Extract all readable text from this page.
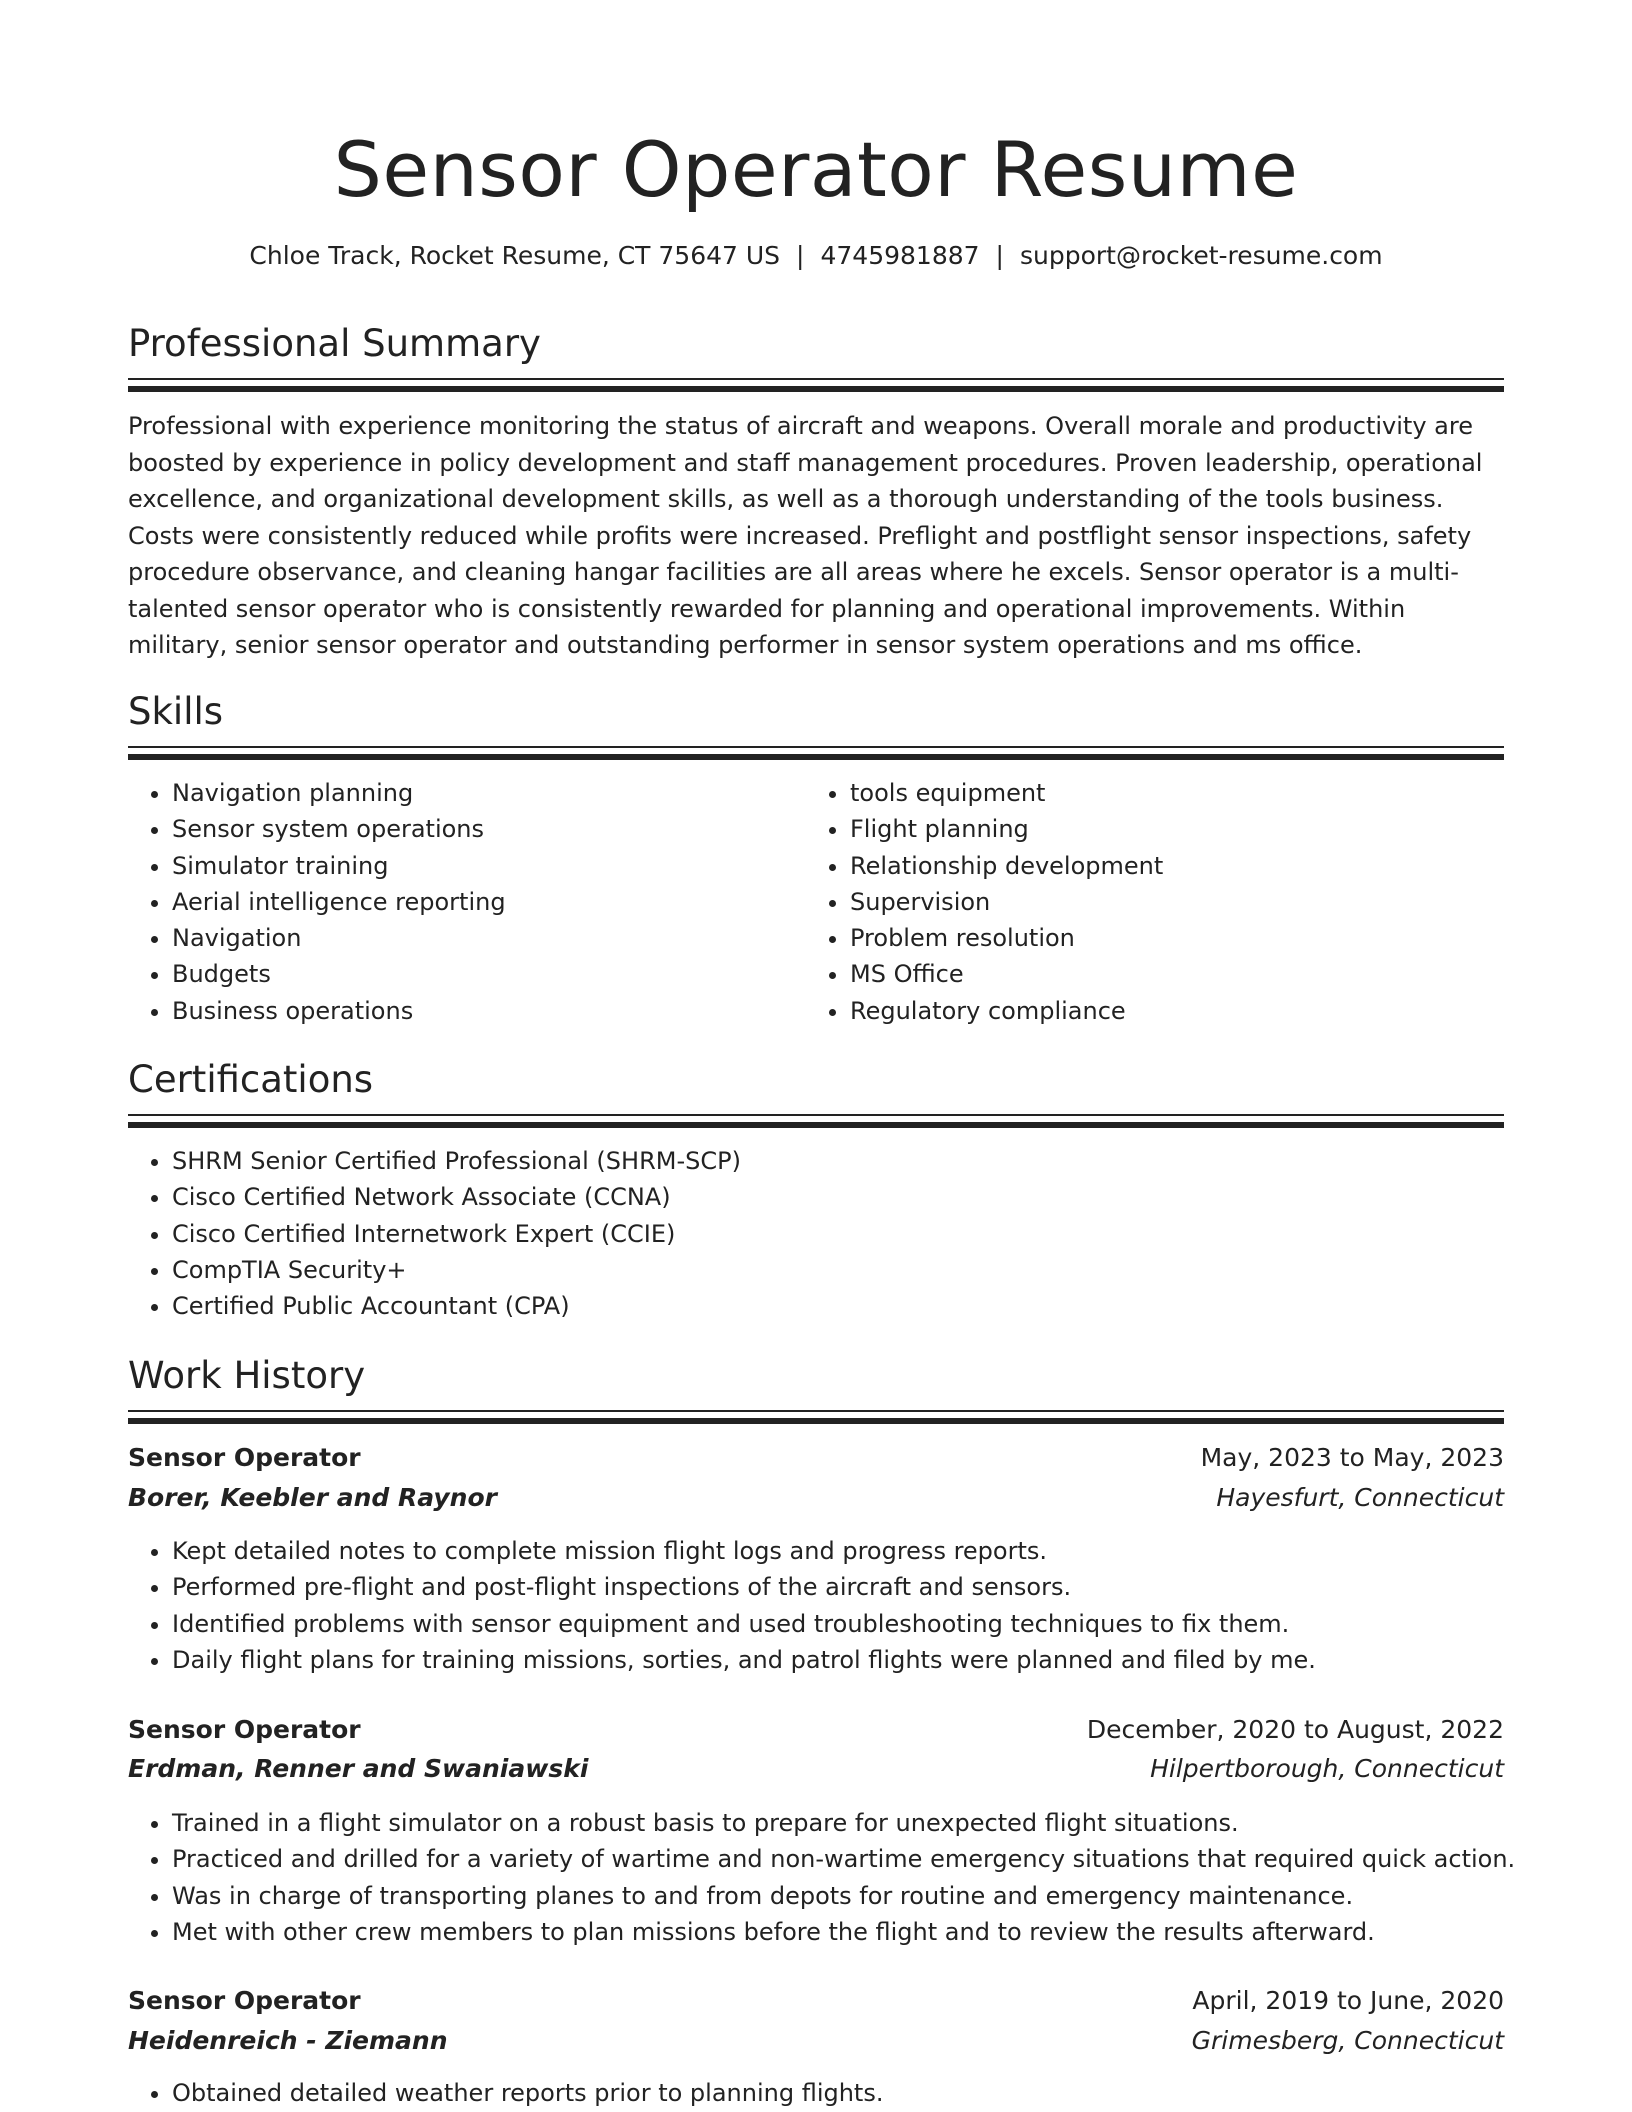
Sensor Operator Resume
Chloe Track, Rocket Resume, CT 75647 US | 4745981887 | support@rocket-resume.com
Professional Summary

Professional with experience monitoring the status of aircraft and weapons. Overall morale and productivity are boosted by experience in policy development and staff management procedures. Proven leadership, operational excellence, and organizational development skills, as well as a thorough understanding of the tools business. Costs were consistently reduced while profits were increased. Preflight and postflight sensor inspections, safety procedure observance, and cleaning hangar facilities are all areas where he excels. Sensor operator is a multi-talented sensor operator who is consistently rewarded for planning and operational improvements. Within military, senior sensor operator and outstanding performer in sensor system operations and ms office.

Skills
• Navigation planning
• Sensor system operations
• Simulator training
• Aerial intelligence reporting
• Navigation
• Budgets
• Business operations
• tools equipment
• Flight planning
• Relationship development
• Supervision
• Problem resolution
• MS Office
• Regulatory compliance
Certifications
• SHRM Senior Certified Professional (SHRM-SCP)
• Cisco Certified Network Associate (CCNA)
• Cisco Certified Internetwork Expert (CCIE)
• CompTIA Security+
• Certified Public Accountant (CPA)
Work History
Sensor Operator	May, 2023 to May, 2023
Borer, Keebler and Raynor	Hayesfurt, Connecticut
• Kept detailed notes to complete mission flight logs and progress reports.
• Performed pre-flight and post-flight inspections of the aircraft and sensors.
• Identified problems with sensor equipment and used troubleshooting techniques to fix them.
• Daily flight plans for training missions, sorties, and patrol flights were planned and filed by me.
Sensor Operator	December, 2020 to August, 2022
Erdman, Renner and Swaniawski	Hilpertborough, Connecticut
• Trained in a flight simulator on a robust basis to prepare for unexpected flight situations.
• Practiced and drilled for a variety of wartime and non-wartime emergency situations that required quick action.
• Was in charge of transporting planes to and from depots for routine and emergency maintenance.
• Met with other crew members to plan missions before the flight and to review the results afterward.
Sensor Operator	April, 2019 to June, 2020
Heidenreich - Ziemann	Grimesberg, Connecticut
• Obtained detailed weather reports prior to planning flights.
